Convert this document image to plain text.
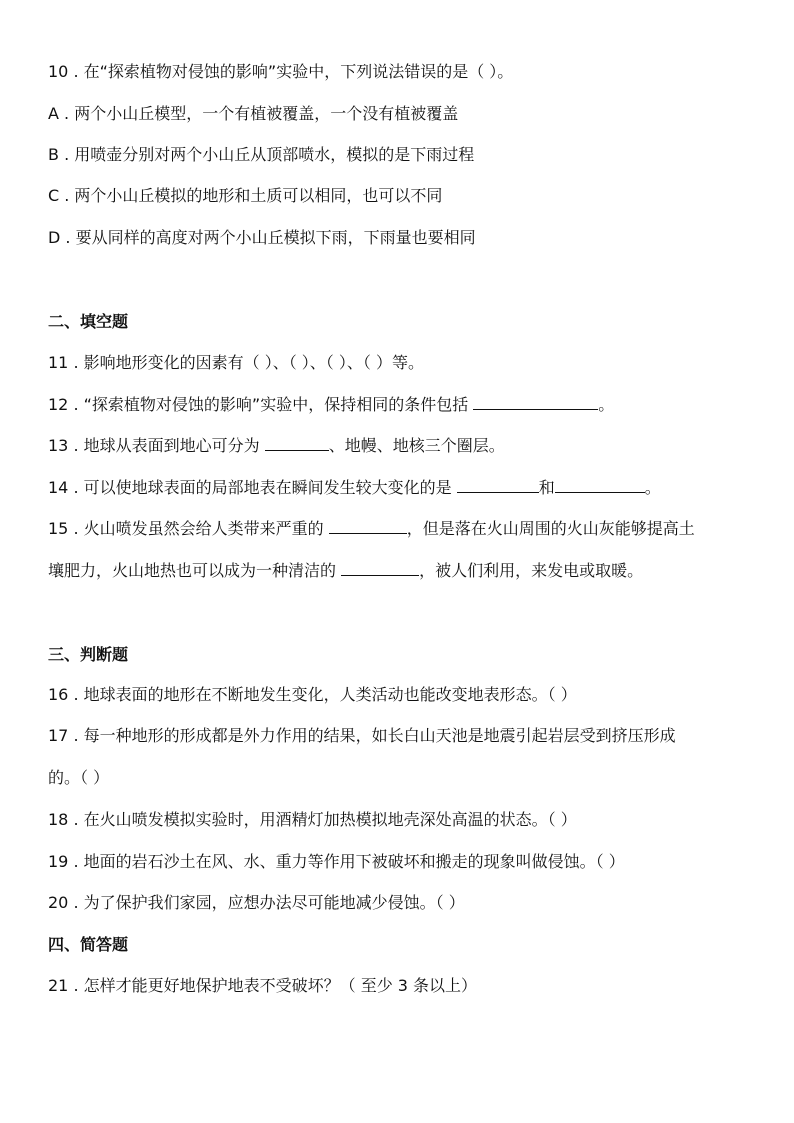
10 . 在“探索植物对侵蚀的影响”实验中，下列说法错误的是（ ）。
A . 两个小山丘模型，一个有植被覆盖，一个没有植被覆盖
B . 用喷壶分别对两个小山丘从顶部喷水，模拟的是下雨过程
C . 两个小山丘模拟的地形和土质可以相同，也可以不同
D . 要从同样的高度对两个小山丘模拟下雨，下雨量也要相同
二、填空题
11 . 影响地形变化的因素有（ ）、（ ）、（ ）、（ ）等。
12 . “探索植物对侵蚀的影响”实验中，保持相同的条件包括	。
13 . 地球从表面到地心可分为	、地幔、地核三个圈层。
14 . 可以使地球表面的局部地表在瞬间发生较大变化的是	和	。
15 . 火山喷发虽然会给人类带来严重的	，但是落在火山周围的火山灰能够提高土
壤肥力，火山地热也可以成为一种清洁的	，被人们利用，来发电或取暖。
三、判断题
16 . 地球表面的地形在不断地发生变化，人类活动也能改变地表形态。（ ）
17 . 每一种地形的形成都是外力作用的结果，如长白山天池是地震引起岩层受到挤压形成
的。（ ）
18 . 在火山喷发模拟实验时，用酒精灯加热模拟地壳深处高温的状态。（ ）
19 . 地面的岩石沙土在风、水、重力等作用下被破坏和搬走的现象叫做侵蚀。（ ）
20 . 为了保护我们家园，应想办法尽可能地减少侵蚀。（ ）
四、简答题
21 . 怎样才能更好地保护地表不受破坏？（ 至少 3 条以上）
